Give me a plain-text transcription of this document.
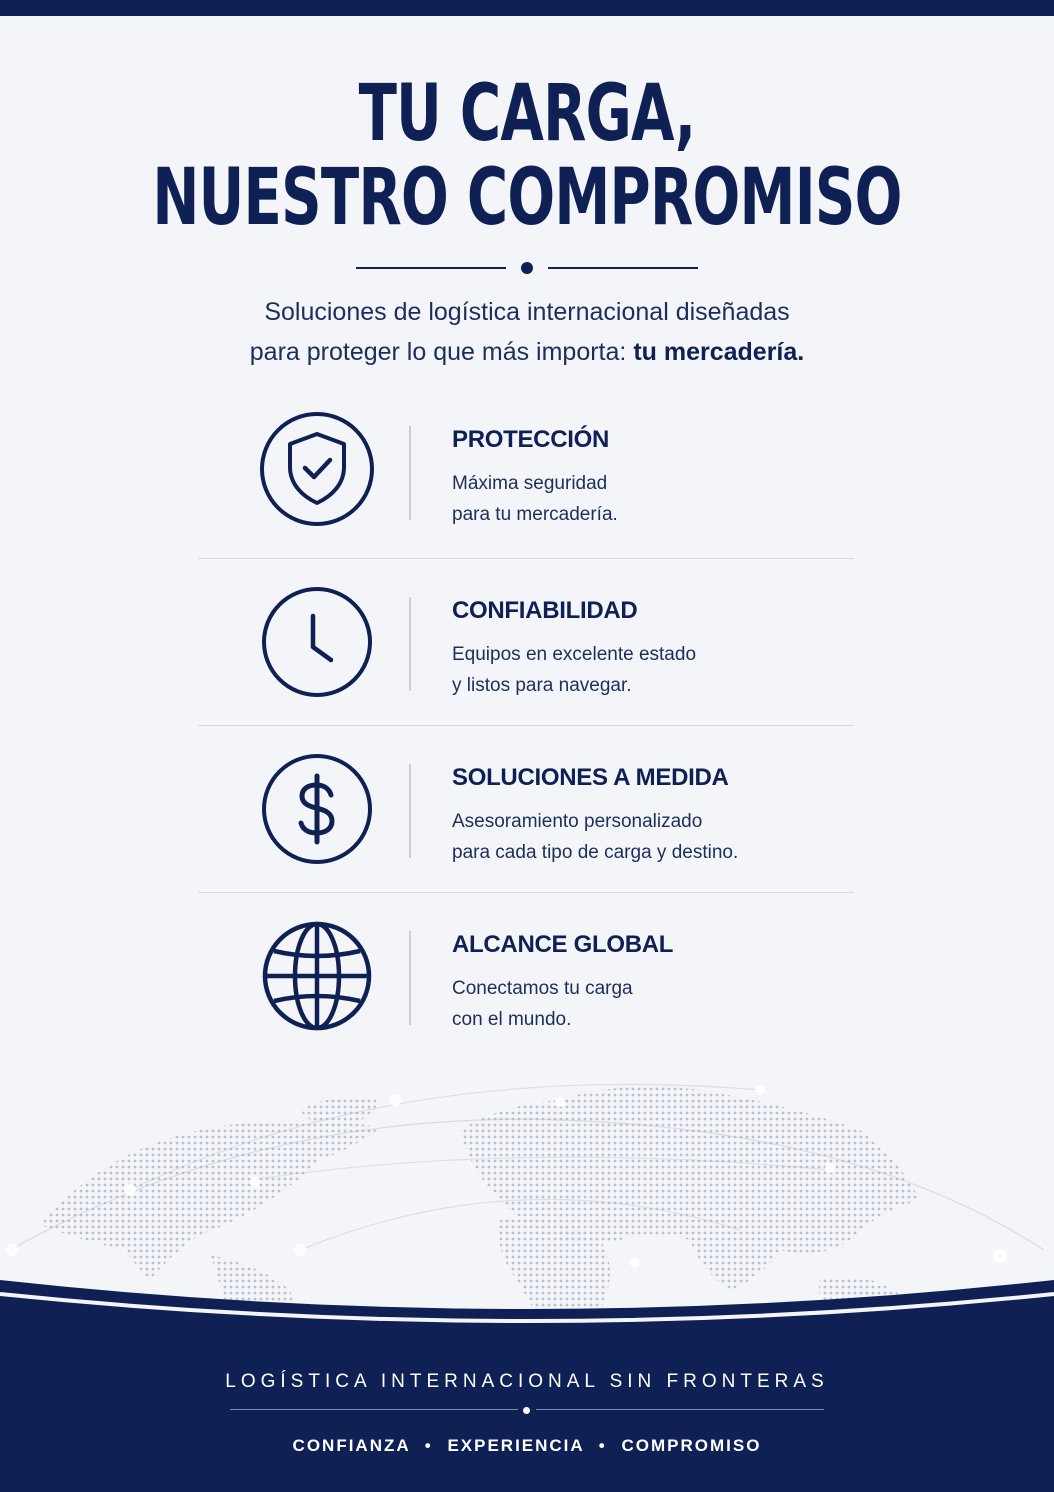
TU CARGA,
NUESTRO COMPROMISO
Soluciones de logística internacional diseñadas
para proteger lo que más importa: tu mercadería.
PROTECCIÓN
Máxima seguridad
para tu mercadería.
CONFIABILIDAD
Equipos en excelente estado
y listos para navegar.
SOLUCIONES A MEDIDA
Asesoramiento personalizado
para cada tipo de carga y destino.
ALCANCE GLOBAL
Conectamos tu carga
con el mundo.
LOGÍSTICA INTERNACIONAL SIN FRONTERAS
CONFIANZA • EXPERIENCIA • COMPROMISO
